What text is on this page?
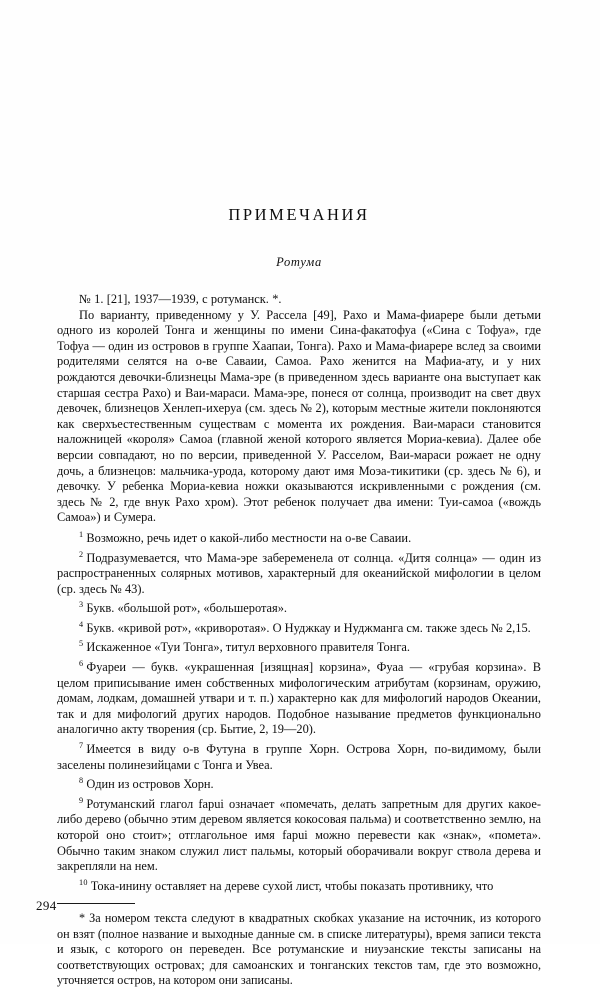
ПРИМЕЧАНИЯ
Ротума

№ 1. [21], 1937—1939, с ротуманск. *.

По варианту, приведенному у У. Рассела [49], Рахо и Мама-фиарере были детьми одного из королей Тонга и женщины по имени Сина-факатофуа («Сина с Тофуа», где Тофуа — один из островов в группе Хаапаи, Тонга). Рахо и Мама-фиарере вслед за своими родителями селятся на о-ве Саваии, Самоа. Рахо женится на Мафиа-ату, и у них рождаются девочки-близнецы Мама-эре (в приведенном здесь варианте она выступает как старшая сестра Рахо) и Ваи-мараси. Мама-эре, понеся от солнца, производит на свет двух девочек, близнецов Хенлеп-ихеруа (см. здесь № 2), которым местные жители поклоняются как сверхъестественным существам с момента их рождения. Ваи-мараси становится наложницей «короля» Самоа (главной женой которого является Мориа-кевиа). Далее обе версии совпадают, но по версии, приведенной У. Расселом, Ваи-мараси рожает не одну дочь, а близнецов: мальчика-урода, которому дают имя Моэа-тикитики (ср. здесь № 6), и девочку. У ребенка Мориа-кевиа ножки оказываются искривленными с рождения (см. здесь № 2, где внук Рахо хром). Этот ребенок получает два имени: Туи-самоа («вождь Самоа») и Сумера.

$^1$ Возможно, речь идет о какой-либо местности на о-ве Саваии.

$^2$ Подразумевается, что Мама-эре забеременела от солнца. «Дитя солнца» — один из распространенных солярных мотивов, характерный для океанийской мифологии в целом (ср. здесь № 43).

$^3$ Букв. «большой рот», «большеротая».

$^4$ Букв. «кривой рот», «криворотая». О Нуджкау и Нуджманга см. также здесь № 2,15.

$^5$ Искаженное «Туи Тонга», титул верховного правителя Тонга.

$^6$ Фуареи — букв. «украшенная [изящная] корзина», Фуаа — «грубая корзина». В целом приписывание имен собственных мифологическим атрибутам (корзинам, оружию, домам, лодкам, домашней утвари и т. п.) характерно как для мифологий народов Океании, так и для мифологий других народов. Подобное называние предметов функционально аналогично акту творения (ср. Бытие, 2, 19—20).

$^7$ Имеется в виду о-в Футуна в группе Хорн. Острова Хорн, по-видимому, были заселены полинезийцами с Тонга и Увеа.

$^8$ Один из островов Хорн.

$^9$ Ротуманский глагол fapui означает «помечать, делать запретным для других какое-либо дерево (обычно этим деревом является кокосовая пальма) и соответственно землю, на которой оно стоит»; отглагольное имя fapui можно перевести как «знак», «помета». Обычно таким знаком служил лист пальмы, который оборачивали вокруг ствола дерева и закрепляли на нем.

$^{10}$ Тока-инину оставляет на дереве сухой лист, чтобы показать противнику, что

* За номером текста следуют в квадратных скобках указание на источник, из которого он взят (полное название и выходные данные см. в списке литературы), время записи текста и язык, с которого он переведен. Все ротуманские и ниуэанские тексты записаны на соответствующих островах; для самоанских и тонганских текстов там, где это возможно, уточняется остров, на котором они записаны.

294
